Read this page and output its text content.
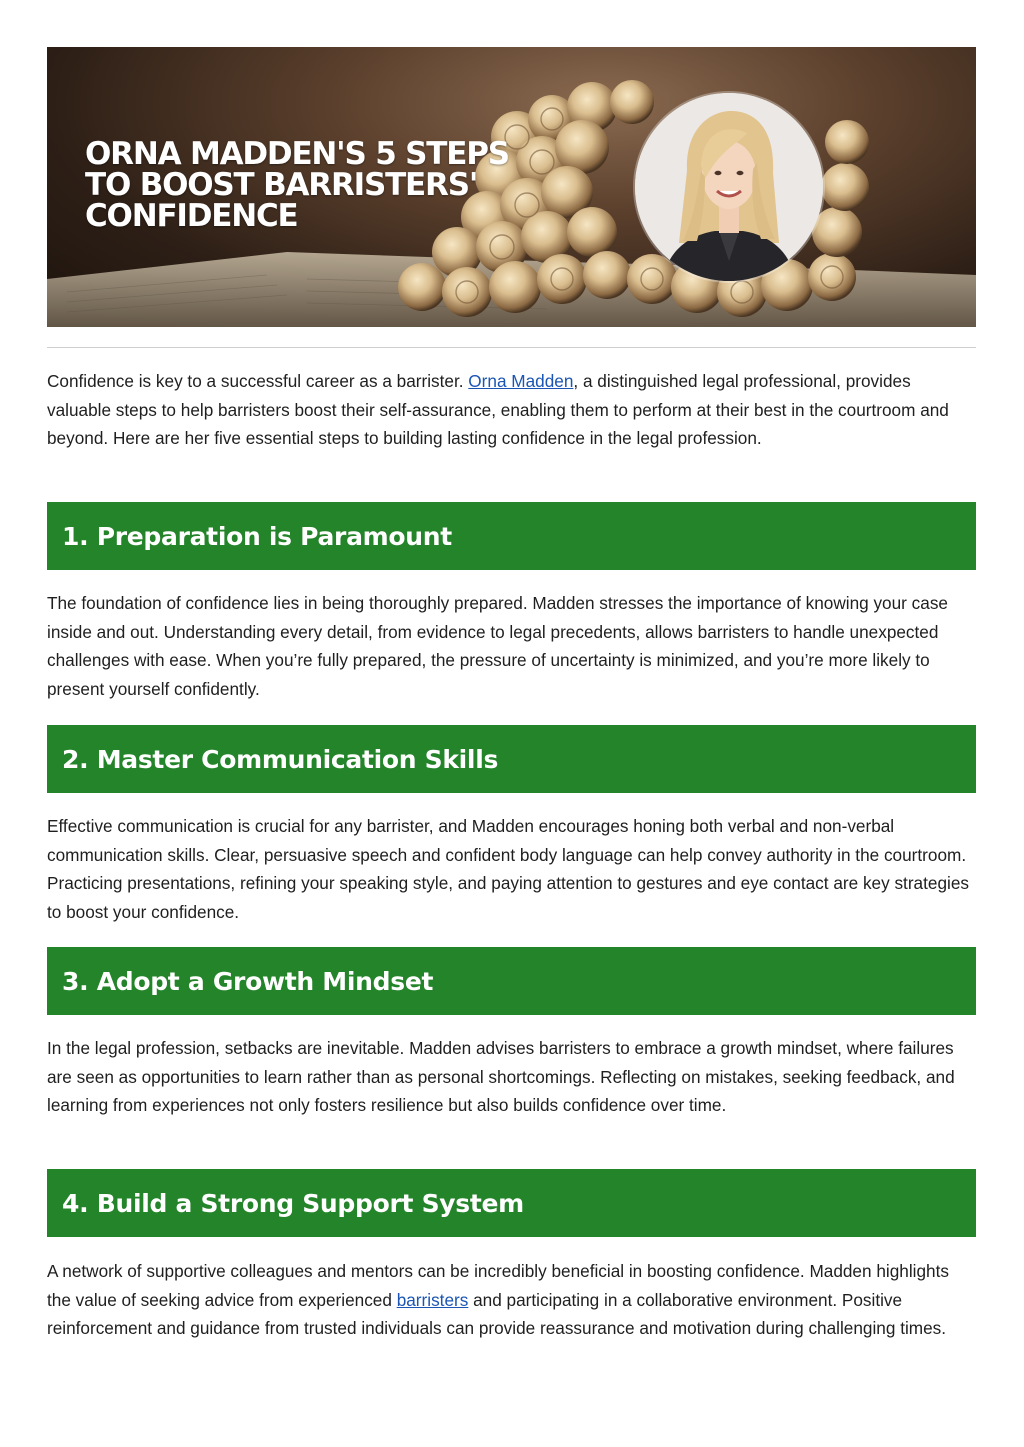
ORNA MADDEN'S 5 STEPS TO BOOST BARRISTERS' CONFIDENCE

Confidence is key to a successful career as a barrister. Orna Madden, a distinguished legal professional, provides valuable steps to help barristers boost their self-assurance, enabling them to perform at their best in the courtroom and beyond. Here are her five essential steps to building lasting confidence in the legal profession.

1. Preparation is Paramount

The foundation of confidence lies in being thoroughly prepared. Madden stresses the importance of knowing your case inside and out. Understanding every detail, from evidence to legal precedents, allows barristers to handle unexpected challenges with ease. When you’re fully prepared, the pressure of uncertainty is minimized, and you’re more likely to present yourself confidently.

2. Master Communication Skills

Effective communication is crucial for any barrister, and Madden encourages honing both verbal and non-verbal communication skills. Clear, persuasive speech and confident body language can help convey authority in the courtroom. Practicing presentations, refining your speaking style, and paying attention to gestures and eye contact are key strategies to boost your confidence.

3. Adopt a Growth Mindset

In the legal profession, setbacks are inevitable. Madden advises barristers to embrace a growth mindset, where failures are seen as opportunities to learn rather than as personal shortcomings. Reflecting on mistakes, seeking feedback, and learning from experiences not only fosters resilience but also builds confidence over time.

4. Build a Strong Support System

A network of supportive colleagues and mentors can be incredibly beneficial in boosting confidence. Madden highlights the value of seeking advice from experienced barristers and participating in a collaborative environment. Positive reinforcement and guidance from trusted individuals can provide reassurance and motivation during challenging times.
